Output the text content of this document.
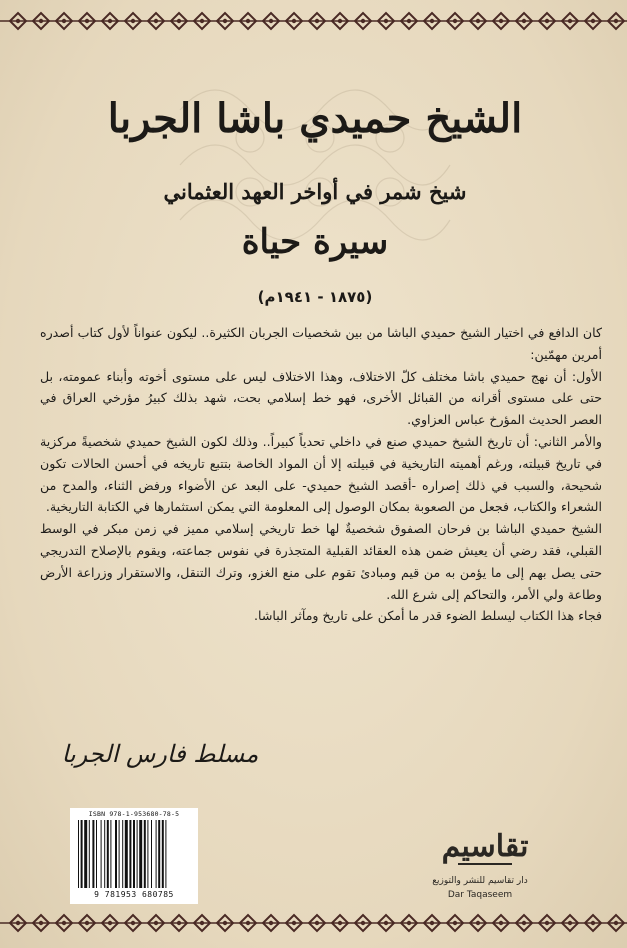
الشيخ حميدي باشا الجربا
شيخ شمر في أواخر العهد العثماني
سيرة حياة
(١٨٧٥ - ١٩٤١م)

كان الدافع في اختيار الشيخ حميدي الباشا من بين شخصيات الجربان الكثيرة.. ليكون عنواناً لأول كتاب أصدره أمرين مهمّين:

الأول: أن نهج حميدي باشا مختلف كلّ الاختلاف، وهذا الاختلاف ليس على مستوى أخوته وأبناء عمومته، بل حتى على مستوى أقرانه من القبائل الأخرى، فهو خط إسلامي بحت، شهد بذلك كبيرُ مؤرخي العراق في العصر الحديث المؤرخ عباس العزاوي.

والأمر الثاني: أن تاريخ الشيخ حميدي صنع في داخلي تحدياً كبيراً.. وذلك لكون الشيخ حميدي شخصيةً مركزية في تاريخ قبيلته، ورغم أهميته التاريخية في قبيلته إلا أن المواد الخاصة بتتبع تاريخه في أحسن الحالات تكون شحيحة، والسبب في ذلك إصراره -أقصد الشيخ حميدي- على البعد عن الأضواء ورفض الثناء، والمدح من الشعراء والكتاب، فجعل من الصعوبة بمكان الوصول إلى المعلومة التي يمكن استثمارها في الكتابة التاريخية.

الشيخ حميدي الباشا بن فرحان الصفوق شخصيةٌ لها خط تاريخي إسلامي مميز في زمن مبكر في الوسط القبلي، فقد رضي أن يعيش ضمن هذه العقائد القبلية المتجذرة في نفوس جماعته، ويقوم بالإصلاح التدريجي حتى يصل بهم إلى ما يؤمن به من قيم ومبادئ تقوم على منع الغزو، وترك التنقل، والاستقرار وزراعة الأرض وطاعة ولي الأمر، والتحاكم إلى شرع الله.

فجاء هذا الكتاب ليسلط الضوء قدر ما أمكن على تاريخ ومآثر الباشا.

مسلط فارس الجربا
ISBN 978-1-953680-78-5
9 781953 680785
تقاسيم
دار تقاسيم للنشر والتوزيع
Dar Taqaseem
